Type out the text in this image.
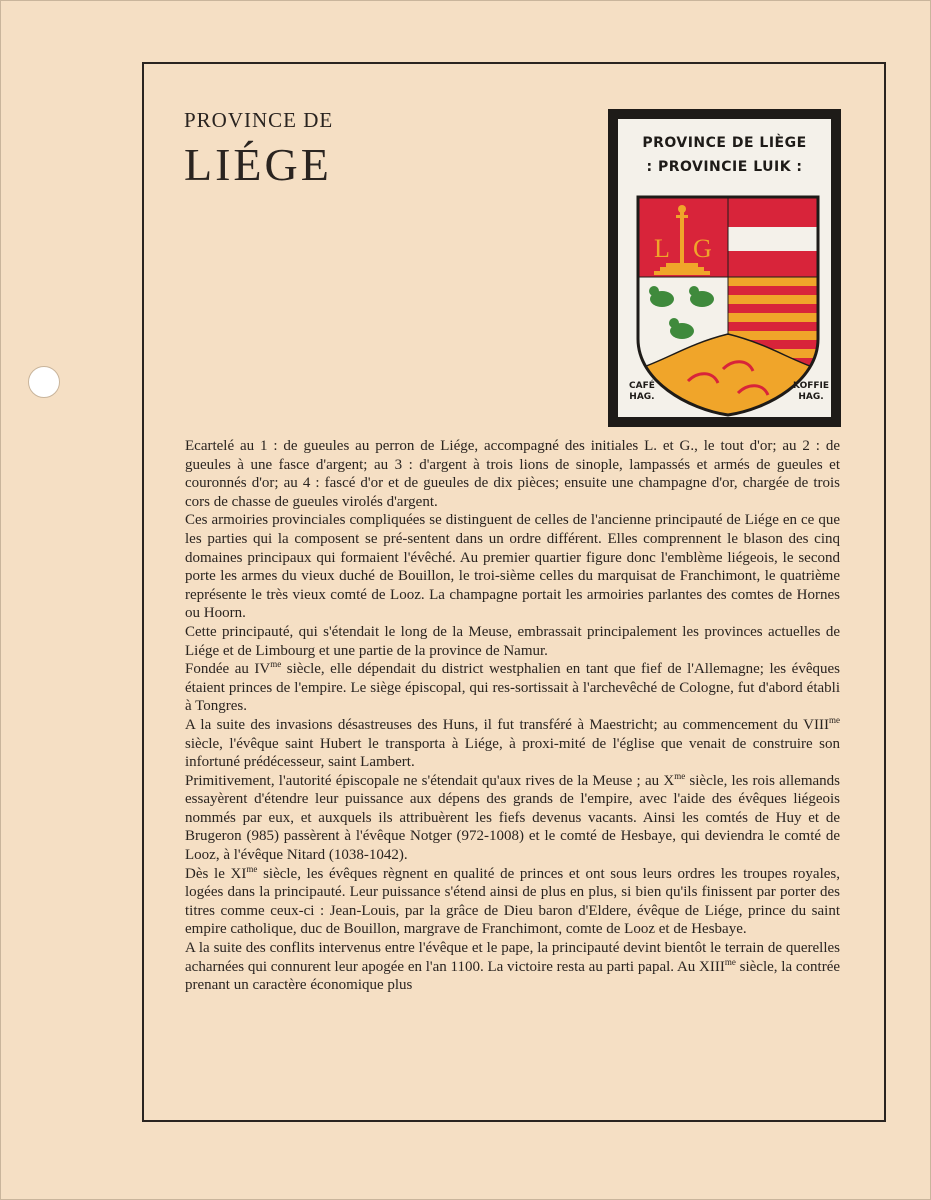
PROVINCE DE
LIÉGE	PROVINCE DE LIÈGE
: PROVINCIE LUIK :
L G
CAFÉ
HAG.
KOFFIE
HAG.

Ecartelé au 1 : de gueules au perron de Liége, accompagné des initiales L. et G., le tout d'or; au 2 : de gueules à une fasce d'argent; au 3 : d'argent à trois lions de sinople, lampassés et armés de gueules et couronnés d'or; au 4 : fascé d'or et de gueules de dix pièces; ensuite une champagne d'or, chargée de trois cors de chasse de gueules virolés d'argent.

Ces armoiries provinciales compliquées se distinguent de celles de l'ancienne principauté de Liége en ce que les parties qui la composent se pré-sentent dans un ordre différent. Elles comprennent le blason des cinq domaines principaux qui formaient l'évêché. Au premier quartier figure donc l'emblème liégeois, le second porte les armes du vieux duché de Bouillon, le troi-sième celles du marquisat de Franchimont, le quatrième représente le très vieux comté de Looz. La champagne portait les armoiries parlantes des comtes de Hornes ou Hoorn.

Cette principauté, qui s'étendait le long de la Meuse, embrassait principalement les provinces actuelles de Liége et de Limbourg et une partie de la province de Namur.

Fondée au $IV^{me}$ siècle, elle dépendait du district westphalien en tant que fief de l'Allemagne; les évêques étaient princes de l'empire. Le siège épiscopal, qui res-sortissait à l'archevêché de Cologne, fut d'abord établi à Tongres.

A la suite des invasions désastreuses des Huns, il fut transféré à Maestricht; au commencement du $VIII^{me}$ siècle, l'évêque saint Hubert le transporta à Liége, à proxi-mité de l'église que venait de construire son infortuné prédécesseur, saint Lambert.

Primitivement, l'autorité épiscopale ne s'étendait qu'aux rives de la Meuse ; au $X^{me}$ siècle, les rois allemands essayèrent d'étendre leur puissance aux dépens des grands de l'empire, avec l'aide des évêques liégeois nommés par eux, et auxquels ils attribuèrent les fiefs devenus vacants. Ainsi les comtés de Huy et de Brugeron (985) passèrent à l'évêque Notger (972-1008) et le comté de Hesbaye, qui deviendra le comté de Looz, à l'évêque Nitard (1038-1042).

Dès le $XI^{me}$ siècle, les évêques règnent en qualité de princes et ont sous leurs ordres les troupes royales, logées dans la principauté. Leur puissance s'étend ainsi de plus en plus, si bien qu'ils finissent par porter des titres comme ceux-ci : Jean-Louis, par la grâce de Dieu baron d'Eldere, évêque de Liége, prince du saint empire catholique, duc de Bouillon, margrave de Franchimont, comte de Looz et de Hesbaye.

A la suite des conflits intervenus entre l'évêque et le pape, la principauté devint bientôt le terrain de querelles acharnées qui connurent leur apogée en l'an 1100. La victoire resta au parti papal. Au $XIII^{me}$ siècle, la contrée prenant un caractère économique plus
